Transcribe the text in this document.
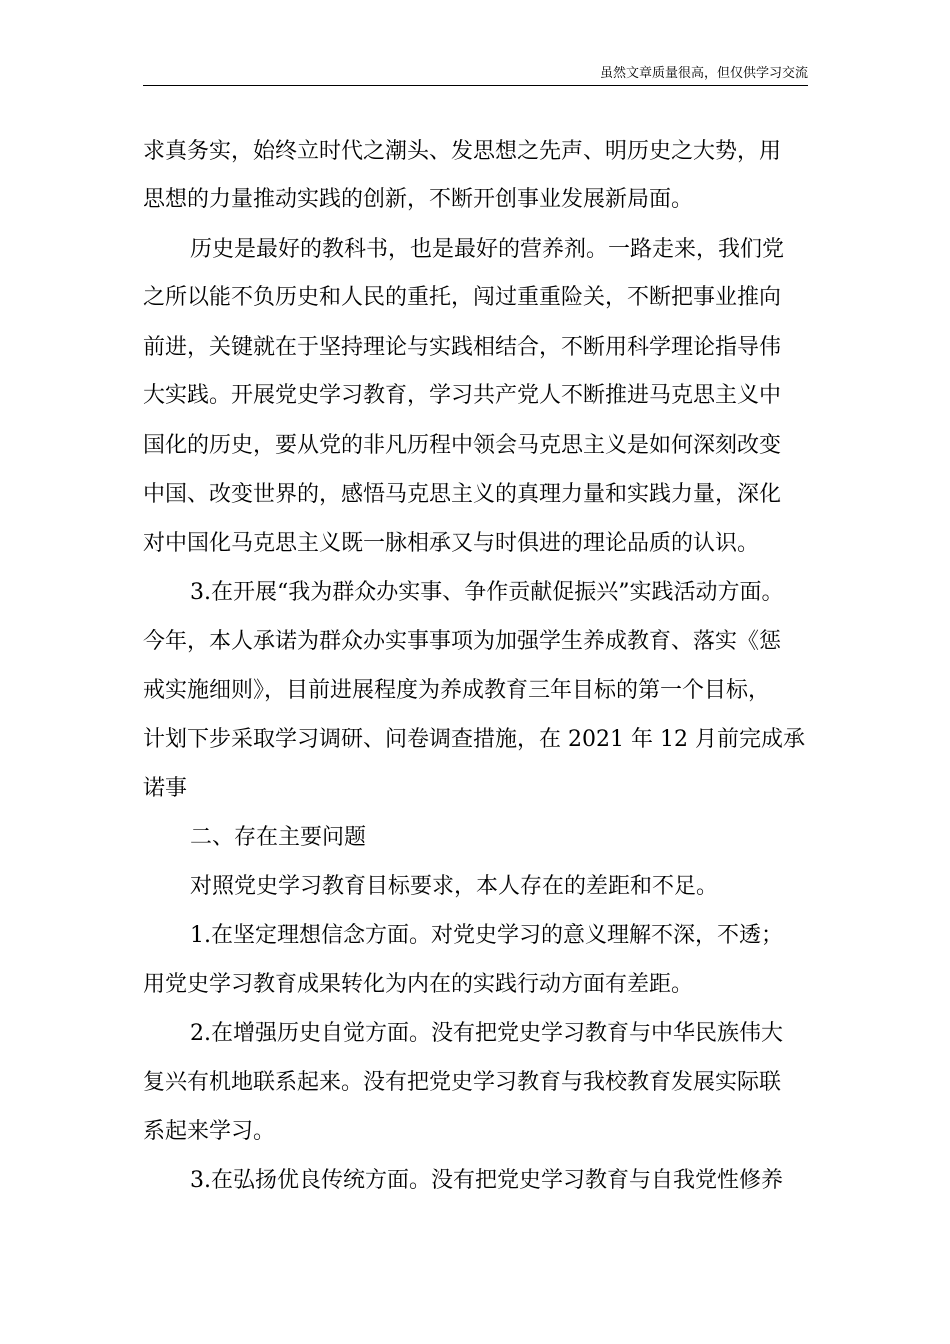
虽然文章质量很高，但仅供学习交流
求真务实，始终立时代之潮头、发思想之先声、明历史之大势，用
思想的力量推动实践的创新，不断开创事业发展新局面。
历史是最好的教科书，也是最好的营养剂。一路走来，我们党
之所以能不负历史和人民的重托，闯过重重险关，不断把事业推向
前进，关键就在于坚持理论与实践相结合，不断用科学理论指导伟
大实践。开展党史学习教育，学习共产党人不断推进马克思主义中
国化的历史，要从党的非凡历程中领会马克思主义是如何深刻改变
中国、改变世界的，感悟马克思主义的真理力量和实践力量，深化
对中国化马克思主义既一脉相承又与时俱进的理论品质的认识。
3.在开展“我为群众办实事、争作贡献促振兴”实践活动方面。
今年，本人承诺为群众办实事事项为加强学生养成教育、落实《惩
戒实施细则》，目前进展程度为养成教育三年目标的第一个目标，
计划下步采取学习调研、问卷调查措施，在 2021 年 12 月前完成承
诺事
二、存在主要问题
对照党史学习教育目标要求，本人存在的差距和不足。
1.在坚定理想信念方面。对党史学习的意义理解不深，不透；
用党史学习教育成果转化为内在的实践行动方面有差距。
2.在增强历史自觉方面。没有把党史学习教育与中华民族伟大
复兴有机地联系起来。没有把党史学习教育与我校教育发展实际联
系起来学习。
3.在弘扬优良传统方面。没有把党史学习教育与自我党性修养
